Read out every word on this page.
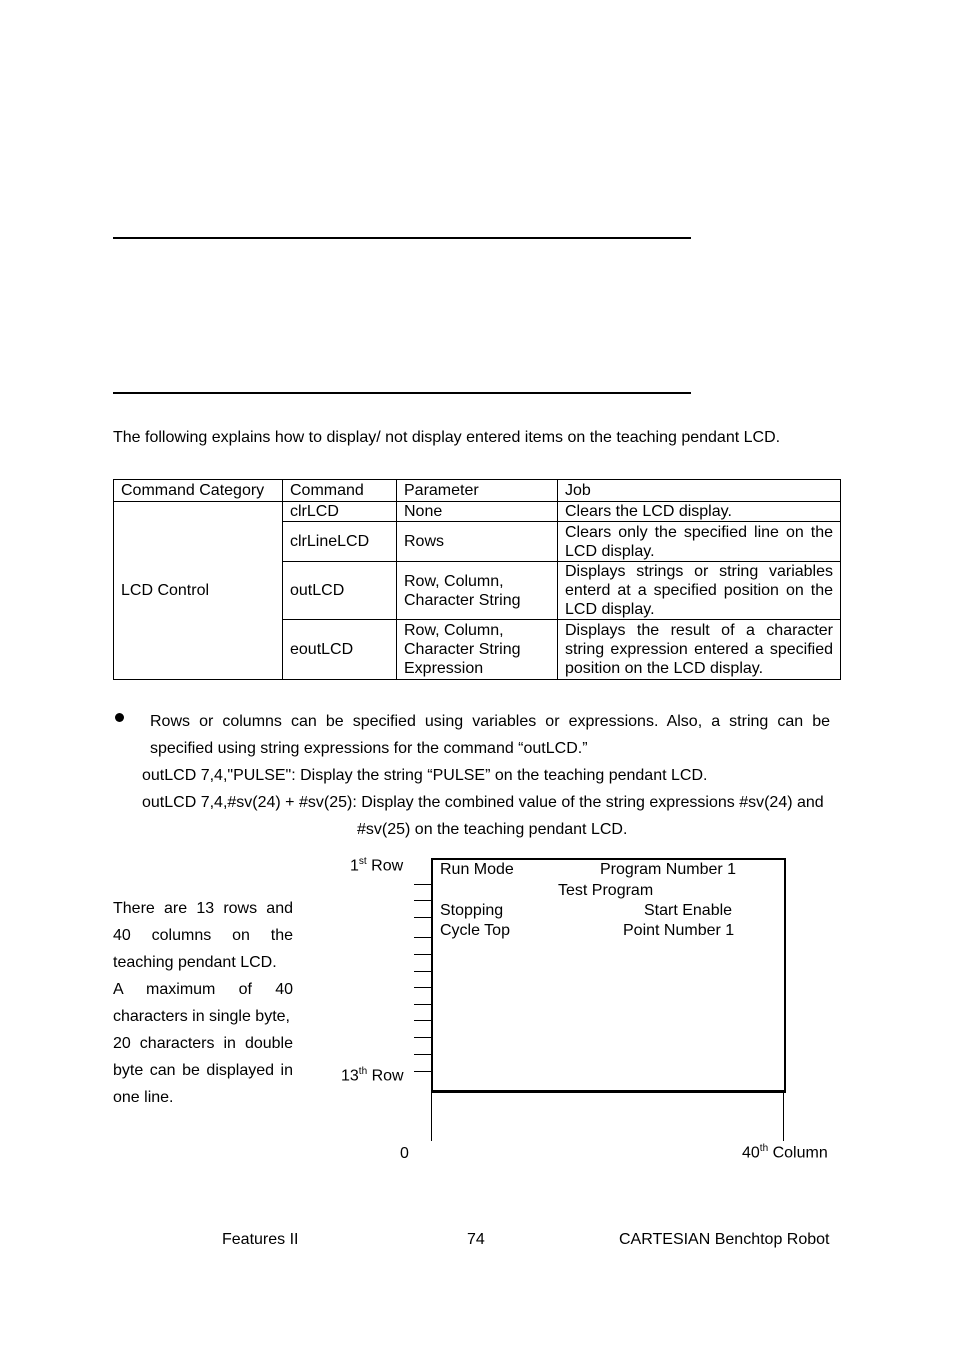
The following explains how to display/ not display entered items on the teaching pendant LCD.
Command Category	Command	Parameter	Job
LCD Control	clrLCD	None	Clears the LCD display.
	clrLineLCD	Rows	Clears only the specified line on the LCD display.
	outLCD	Row, Column, Character String	Displays strings or string variables enterd at a specified position on the LCD display.
	eoutLCD	Row, Column, Character String Expression	Displays the result of a character string expression entered a specified position on the LCD display.
Rows or columns can be specified using variables or expressions. Also, a string can be specified using string expressions for the command “outLCD.”
outLCD 7,4,"PULSE": Display the string “PULSE” on the teaching pendant LCD.
outLCD 7,4,#sv(24) + #sv(25): Display the combined value of the string expressions #sv(24) and
#sv(25) on the teaching pendant LCD.

There are 13 rows and

40 columns on the

teaching pendant LCD.

A maximum of 40

characters in single byte,

20 characters in double

byte can be displayed in

one line.

1st Row
13th Row
Run Mode	Program Number 1
Test Program
Stopping	Start Enable
Cycle Top	Point Number 1
0	40th Column
Features II	74	CARTESIAN Benchtop Robot
